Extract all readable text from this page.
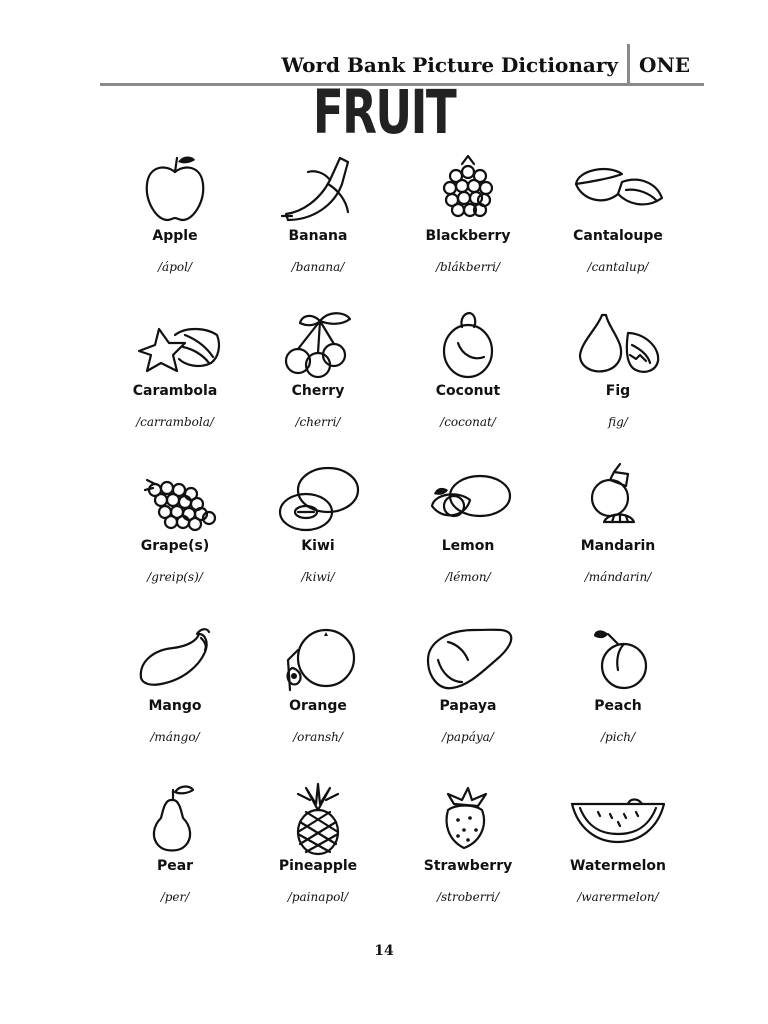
Word Bank Picture Dictionary ONE
FRUIT
Apple
/ápol/
Banana
/banana/
Blackberry
/blákberri/
Cantaloupe
/cantalup/
Carambola
/carrambola/
Cherry
/cherri/
Coconut
/coconat/
Fig
fig/
Grape(s)
/greip(s)/
Kiwi
/kiwi/
Lemon
/lémon/
Mandarin
/mándarin/
Mango
/mángo/
Orange
/oransh/
Papaya
/papáya/
Peach
/pich/
Pear
/per/
Pineapple
/painapol/
Strawberry
/stroberri/
Watermelon
/warermelon/
14
